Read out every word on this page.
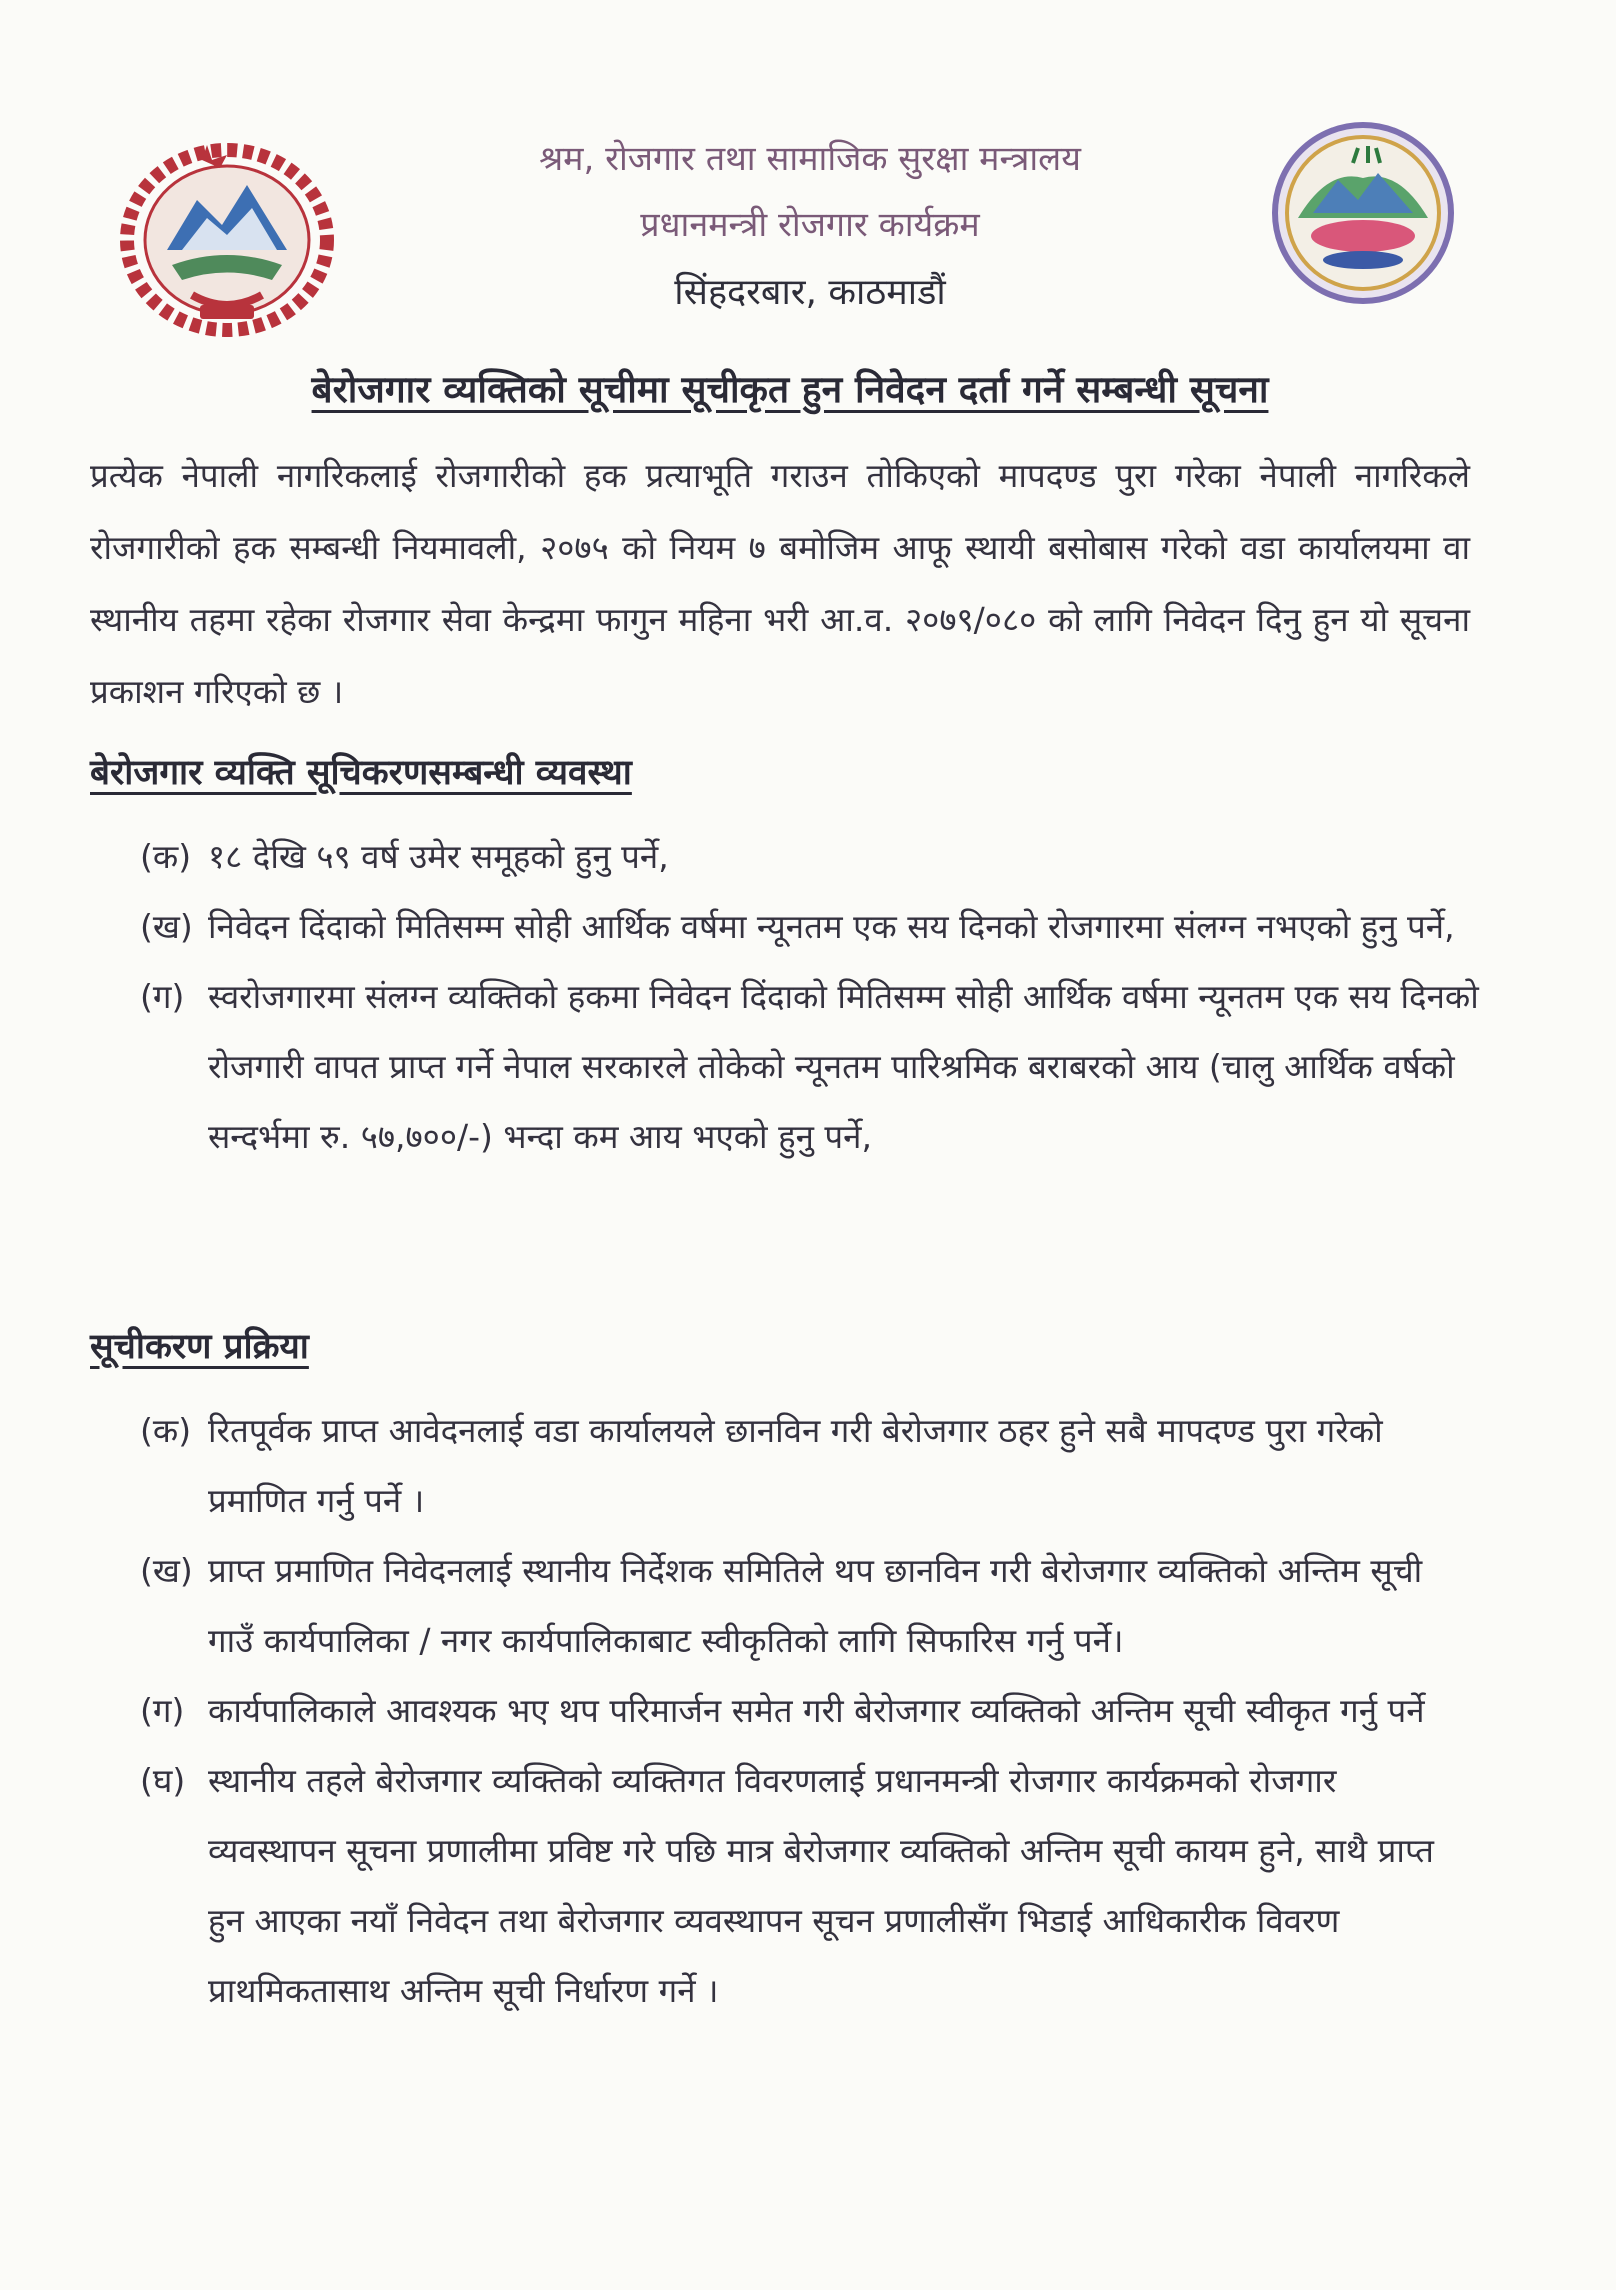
श्रम, रोजगार तथा सामाजिक सुरक्षा मन्त्रालय
प्रधानमन्त्री रोजगार कार्यक्रम
सिंहदरबार, काठमाडौं
बेरोजगार व्यक्तिको सूचीमा सूचीकृत हुन निवेदन दर्ता गर्ने सम्बन्धी सूचना
प्रत्येक नेपाली नागरिकलाई रोजगारीको हक प्रत्याभूति गराउन तोकिएको मापदण्ड पुरा गरेका नेपाली नागरिकले रोजगारीको हक सम्बन्धी नियमावली, २०७५ को नियम ७ बमोजिम आफू स्थायी बसोबास गरेको वडा कार्यालयमा वा स्थानीय तहमा रहेका रोजगार सेवा केन्द्रमा फागुन महिना भरी आ.व. २०७९/०८० को लागि निवेदन दिनु हुन यो सूचना प्रकाशन गरिएको छ ।
बेरोजगार व्यक्ति सूचिकरणसम्बन्धी व्यवस्था
(क) १८ देखि ५९ वर्ष उमेर समूहको हुनु पर्ने,
(ख) निवेदन दिंदाको मितिसम्म सोही आर्थिक वर्षमा न्यूनतम एक सय दिनको रोजगारमा संलग्न नभएको हुनु पर्ने,
(ग) स्वरोजगारमा संलग्न व्यक्तिको हकमा निवेदन दिंदाको मितिसम्म सोही आर्थिक वर्षमा न्यूनतम एक सय दिनको रोजगारी वापत प्राप्त गर्ने नेपाल सरकारले तोकेको न्यूनतम पारिश्रमिक बराबरको आय (चालु आर्थिक वर्षको सन्दर्भमा रु. ५७,७००/-) भन्दा कम आय भएको हुनु पर्ने,
सूचीकरण प्रक्रिया
(क) रितपूर्वक प्राप्त आवेदनलाई वडा कार्यालयले छानविन गरी बेरोजगार ठहर हुने सबै मापदण्ड पुरा गरेको प्रमाणित गर्नु पर्ने ।
(ख) प्राप्त प्रमाणित निवेदनलाई स्थानीय निर्देशक समितिले थप छानविन गरी बेरोजगार व्यक्तिको अन्तिम सूची गाउँ कार्यपालिका / नगर कार्यपालिकाबाट स्वीकृतिको लागि सिफारिस गर्नु पर्ने।
(ग) कार्यपालिकाले आवश्यक भए थप परिमार्जन समेत गरी बेरोजगार व्यक्तिको अन्तिम सूची स्वीकृत गर्नु पर्ने
(घ) स्थानीय तहले बेरोजगार व्यक्तिको व्यक्तिगत विवरणलाई प्रधानमन्त्री रोजगार कार्यक्रमको रोजगार व्यवस्थापन सूचना प्रणालीमा प्रविष्ट गरे पछि मात्र बेरोजगार व्यक्तिको अन्तिम सूची कायम हुने, साथै प्राप्त हुन आएका नयाँ निवेदन तथा बेरोजगार व्यवस्थापन सूचन प्रणालीसँग भिडाई आधिकारीक विवरण प्राथमिकतासाथ अन्तिम सूची निर्धारण गर्ने ।
